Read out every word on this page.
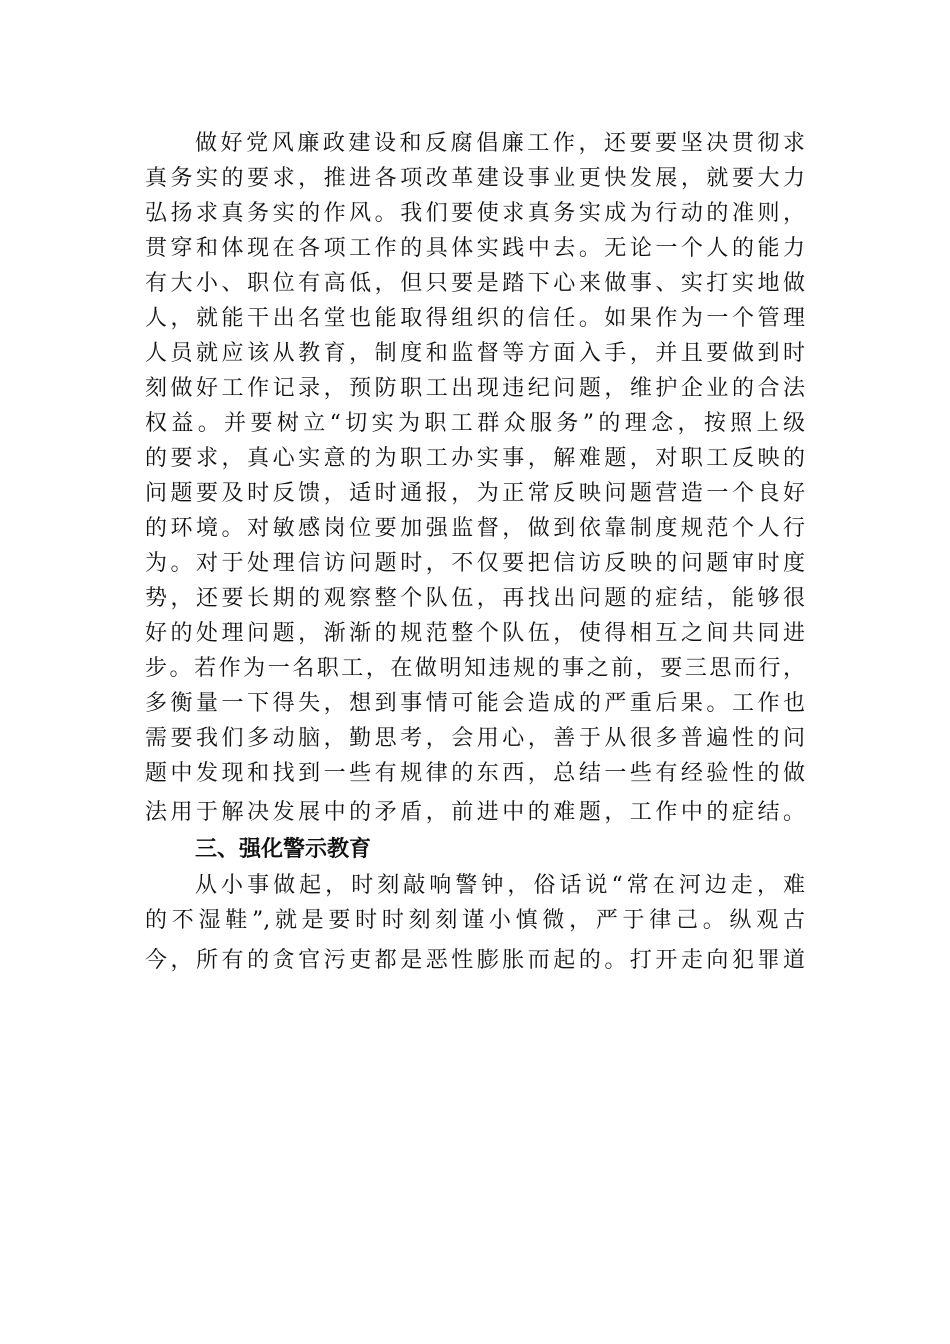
做好党风廉政建设和反腐倡廉工作，还要要坚决贯彻求
真务实的要求，推进各项改革建设事业更快发展，就要大力
弘扬求真务实的作风。我们要使求真务实成为行动的准则，
贯穿和体现在各项工作的具体实践中去。无论一个人的能力
有大小、职位有高低，但只要是踏下心来做事、实打实地做
人，就能干出名堂也能取得组织的信任。如果作为一个管理
人员就应该从教育，制度和监督等方面入手，并且要做到时
刻做好工作记录，预防职工出现违纪问题，维护企业的合法
权益。并要树立“切实为职工群众服务”的理念，按照上级
的要求，真心实意的为职工办实事，解难题，对职工反映的
问题要及时反馈，适时通报，为正常反映问题营造一个良好
的环境。对敏感岗位要加强监督，做到依靠制度规范个人行
为。对于处理信访问题时，不仅要把信访反映的问题审时度
势，还要长期的观察整个队伍，再找出问题的症结，能够很
好的处理问题，渐渐的规范整个队伍，使得相互之间共同进
步。若作为一名职工，在做明知违规的事之前，要三思而行，
多衡量一下得失，想到事情可能会造成的严重后果。工作也
需要我们多动脑，勤思考，会用心，善于从很多普遍性的问
题中发现和找到一些有规律的东西，总结一些有经验性的做
法用于解决发展中的矛盾，前进中的难题，工作中的症结。
三、强化警示教育
从小事做起，时刻敲响警钟，俗话说“常在河边走，难
的不湿鞋”,就是要时时刻刻谨小慎微，严于律己。纵观古
今，所有的贪官污吏都是恶性膨胀而起的。打开走向犯罪道
